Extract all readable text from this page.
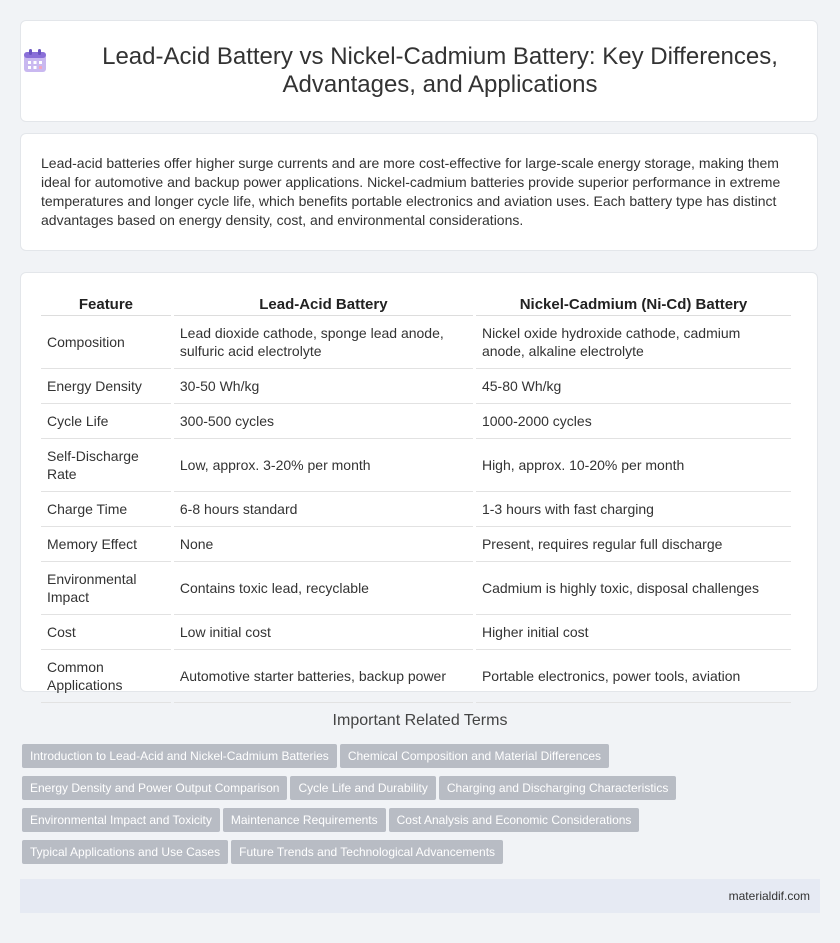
Lead-Acid Battery vs Nickel-Cadmium Battery: Key Differences, Advantages, and Applications

Lead-acid batteries offer higher surge currents and are more cost-effective for large-scale energy storage, making them ideal for automotive and backup power applications. Nickel-cadmium batteries provide superior performance in extreme temperatures and longer cycle life, which benefits portable electronics and aviation uses. Each battery type has distinct advantages based on energy density, cost, and environmental considerations.

Feature	Lead-Acid Battery	Nickel-Cadmium (Ni-Cd) Battery
Composition	Lead dioxide cathode, sponge lead anode, sulfuric acid electrolyte	Nickel oxide hydroxide cathode, cadmium anode, alkaline electrolyte
Energy Density	30-50 Wh/kg	45-80 Wh/kg
Cycle Life	300-500 cycles	1000-2000 cycles
Self-Discharge Rate	Low, approx. 3-20% per month	High, approx. 10-20% per month
Charge Time	6-8 hours standard	1-3 hours with fast charging
Memory Effect	None	Present, requires regular full discharge
Environmental Impact	Contains toxic lead, recyclable	Cadmium is highly toxic, disposal challenges
Cost	Low initial cost	Higher initial cost
Common Applications	Automotive starter batteries, backup power	Portable electronics, power tools, aviation
Important Related Terms
Introduction to Lead-Acid and Nickel-Cadmium Batteries Chemical Composition and Material Differences
Energy Density and Power Output Comparison Cycle Life and Durability Charging and Discharging Characteristics
Environmental Impact and Toxicity Maintenance Requirements Cost Analysis and Economic Considerations
Typical Applications and Use Cases Future Trends and Technological Advancements
materialdif.com
